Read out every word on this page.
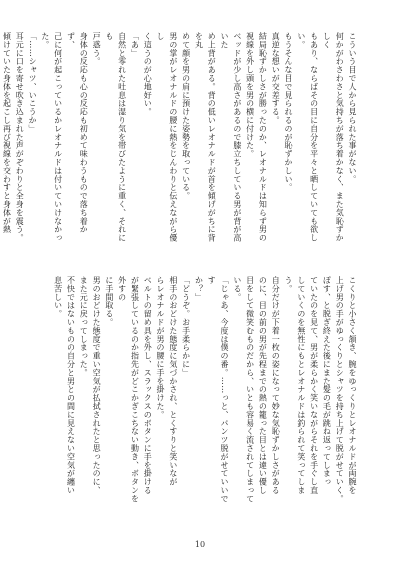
こういう目で人から見られた事がない。
何かがわさわさと気持ちが落ち着かなく、また気恥ずかしく
もあり、ならばその目に自分を平々と晒していても欲しい。
もうそんな目で見られるのが恥ずかしい。
真逆な想いが交差する。
結局恥ずかしさが勝ったのか、レオナルドは知らず男の
視線を外し頭を男の横に付けた。
ベッドが少し高さがあるので膝立ちしている男が背が高いた
め上背がある。背の低いレオナルドが首を傾げがちに背を丸
めて顔を男の肩に預けた姿勢を取っている。
男の掌がレオナルドの腰に熱をじんわりと伝えながら優し
く這うのが心地好い。
「あ」
自然と零れた吐息は湿り気を帯びたように重く、それにも
戸惑う。
身体の反応も心の反応も初めて味わうもので落ち着かず、
己に何が起こっているかレオナルドは付いていけなかった。
「……シャツ、いこうか」
耳元に口を寄せ吹き込まれた声がぞわりと全身を震う。
傾けていた身体を起こし再び視線を交わすと身体が熱

こくりと小さく頷き、腕をゆっくりとレオナルドが両腕を
上げ男の手がゆっくりとシャツを持ち上げて脱がせていく。
ぽす、と脱ぎ終えた後にまた髪の毛が跳ね返ってしまっ
ていたのを見て、男が柔らかく笑いながらそれを手ぐし直
していくのを無性にもとレオナルドは釣られて笑ってしまう。
自分だけが下着一枚の姿になって妙な気恥ずかしさがある
のに、目の前の男が先程までの熱の籠った目とは違い優し
目をして微笑むものだから、いとも容易く流されてしまって
いる。
「じゃあ、今度は僕の番。……っと、パンツ脱がせていいです
か？」
「どうぞ。お手柔らかに」
相手のおどけた態度に気づかされ、とくすりと笑いなが
らレオナルドが男の腰に手を掛けた。
ベルトの留め具を外し、スラックスのボタンに手を掛ける
が緊張しているのか指先がどこかぎこちない動き、ボタンを外すの
に手間取る。
男のおどけた態度で重い空気が払拭されたと思ったのに、
また元に戻ってしまった。
不快ではないものの自分と男との間に見えない空気が纏い
息苦しい。
10
